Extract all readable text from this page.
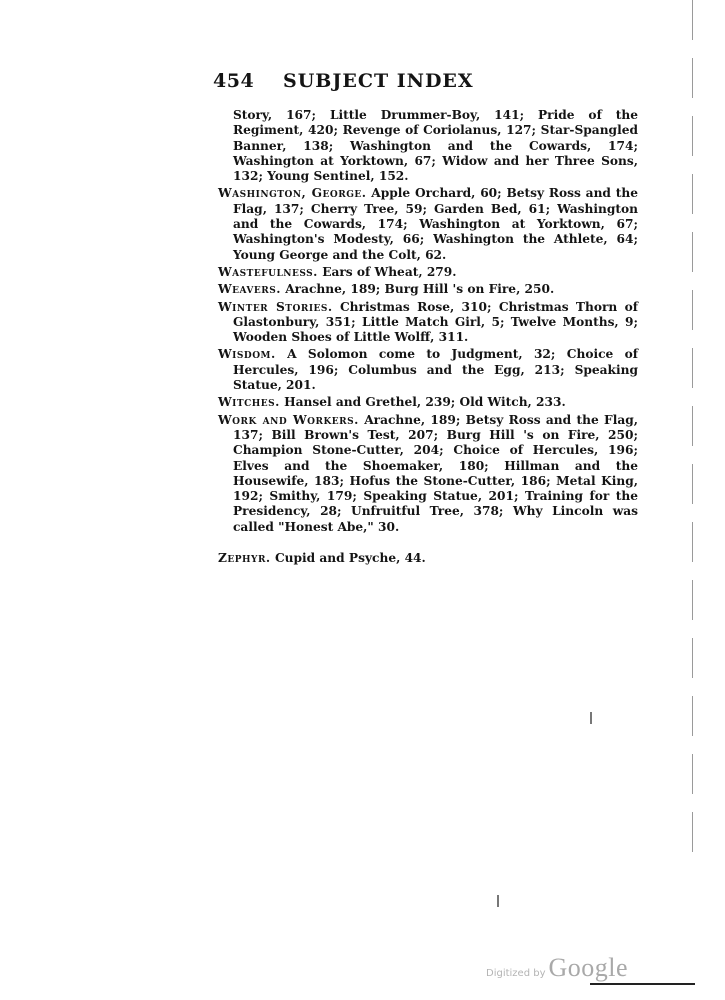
454 SUBJECT INDEX

Story, 167; Little Drummer-Boy, 141; Pride of the Regiment, 420; Revenge of Coriolanus, 127; Star-Spangled Banner, 138; Washington and the Cowards, 174; Washington at Yorktown, 67; Widow and her Three Sons, 132; Young Sentinel, 152.

Washington, George. Apple Orchard, 60; Betsy Ross and the Flag, 137; Cherry Tree, 59; Garden Bed, 61; Washington and the Cowards, 174; Washington at Yorktown, 67; Washington's Modesty, 66; Washington the Athlete, 64; Young George and the Colt, 62.

Wastefulness. Ears of Wheat, 279.

Weavers. Arachne, 189; Burg Hill 's on Fire, 250.

Winter Stories. Christmas Rose, 310; Christmas Thorn of Glastonbury, 351; Little Match Girl, 5; Twelve Months, 9; Wooden Shoes of Little Wolff, 311.

Wisdom. A Solomon come to Judgment, 32; Choice of Hercules, 196; Columbus and the Egg, 213; Speaking Statue, 201.

Witches. Hansel and Grethel, 239; Old Witch, 233.

Work and Workers. Arachne, 189; Betsy Ross and the Flag, 137; Bill Brown's Test, 207; Burg Hill 's on Fire, 250; Champion Stone-Cutter, 204; Choice of Hercules, 196; Elves and the Shoemaker, 180; Hillman and the Housewife, 183; Hofus the Stone-Cutter, 186; Metal King, 192; Smithy, 179; Speaking Statue, 201; Training for the Presidency, 28; Unfruitful Tree, 378; Why Lincoln was called "Honest Abe," 30.

Zephyr. Cupid and Psyche, 44.

Digitized by Google
